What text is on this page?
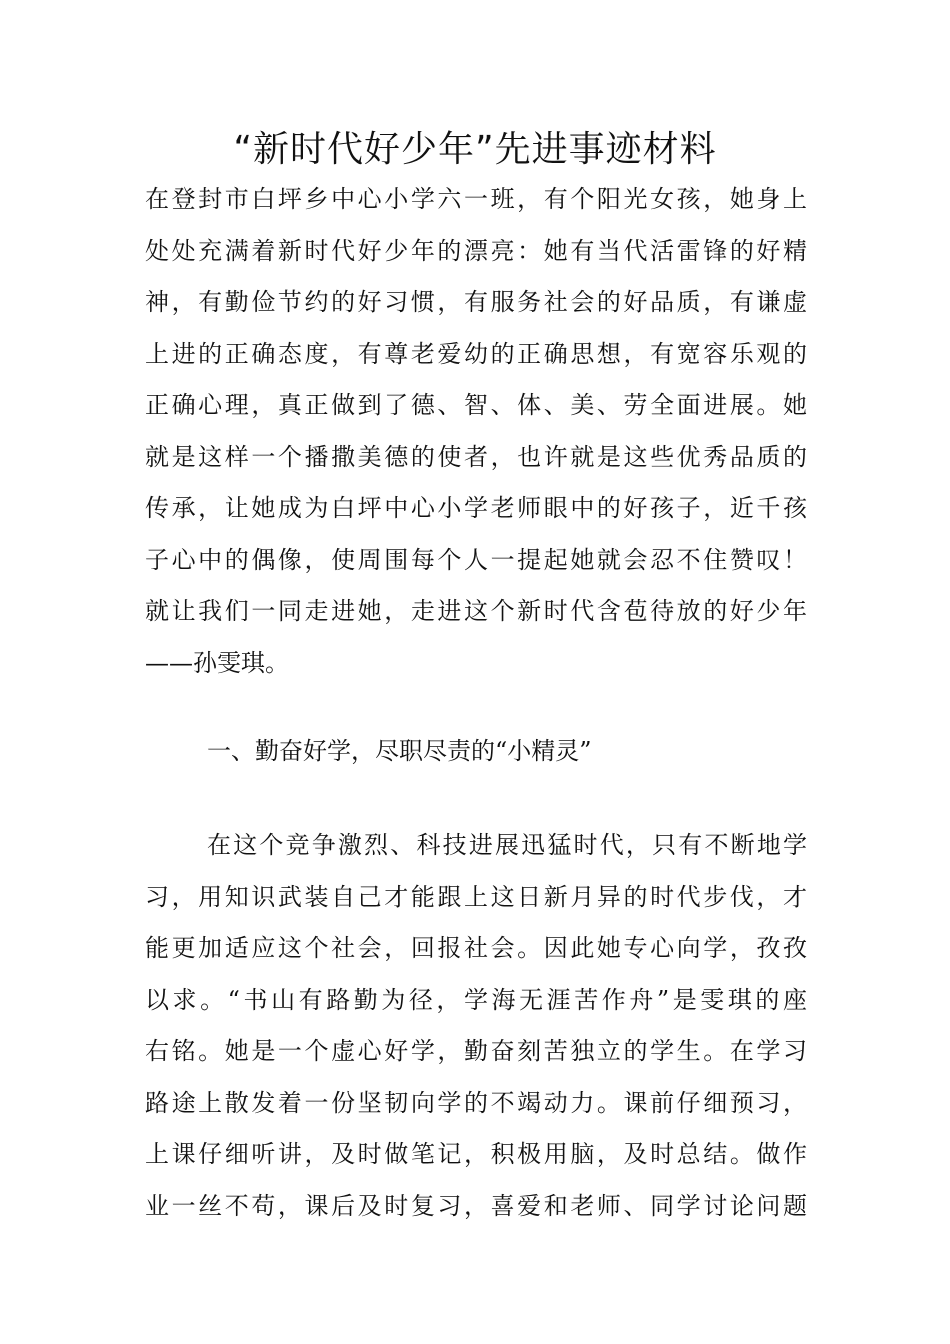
“新时代好少年”先进事迹材料
在登封市白坪乡中心小学六一班，有个阳光女孩，她身上
处处充满着新时代好少年的漂亮：她有当代活雷锋的好精
神，有勤俭节约的好习惯，有服务社会的好品质，有谦虚
上进的正确态度，有尊老爱幼的正确思想，有宽容乐观的
正确心理，真正做到了德、智、体、美、劳全面进展。她
就是这样一个播撒美德的使者，也许就是这些优秀品质的
传承，让她成为白坪中心小学老师眼中的好孩子，近千孩
子心中的偶像，使周围每个人一提起她就会忍不住赞叹！
就让我们一同走进她，走进这个新时代含苞待放的好少年
——孙雯琪。
一、勤奋好学，尽职尽责的“小精灵”
在这个竞争激烈、科技进展迅猛时代，只有不断地学
习，用知识武装自己才能跟上这日新月异的时代步伐，才
能更加适应这个社会，回报社会。因此她专心向学，孜孜
以求。“书山有路勤为径，学海无涯苦作舟”是雯琪的座
右铭。她是一个虚心好学，勤奋刻苦独立的学生。在学习
路途上散发着一份坚韧向学的不竭动力。课前仔细预习，
上课仔细听讲，及时做笔记，积极用脑，及时总结。做作
业一丝不苟，课后及时复习，喜爱和老师、同学讨论问题
